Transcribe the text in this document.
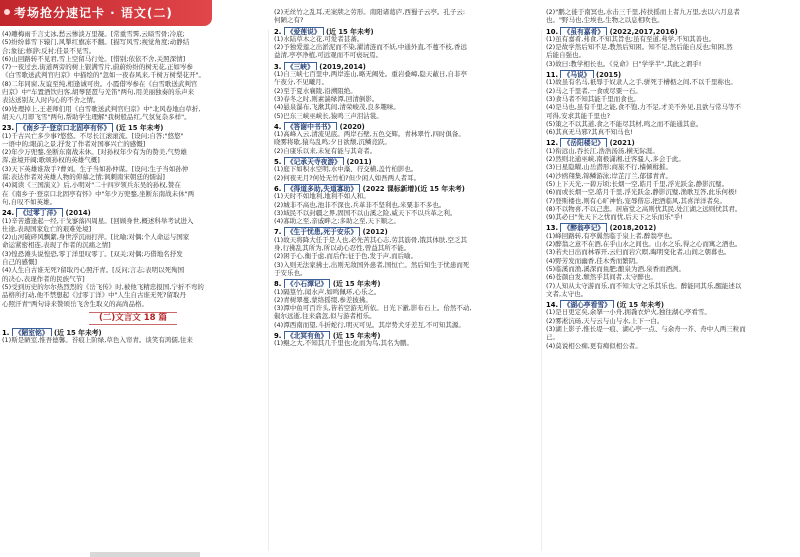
考场抢分速记卡 · 语文(二)
(4)雕梅雨千言丈冰,愁云惨淡万里凝。[常重雪霁,云暗雪骨;冷底;
(5)纷纷暮雪下辕门,风掣红旗冻不翻。[描写风雪;视觉角度;动静结
合;象征;修辞;反衬;佳景不见雪。
(6)山回路转不见君,雪上空留马行处。[惜别;依依不舍,关照深情]
(7)一夜过去,街道两旁的树上银满雪片,蔚蔚纷纷的树无花,正如岑参
《白雪歌送武判官归京》中描绘的"忽如一夜春风来,千树万树梨花开"。
(8)二年同窗,友谊至纯,相逢诚可贵。小霞借岑参在《白雪歌送武判官
归京》中"车置酒饮归客,胡琴琵琶与羌笛"两句,用美丽独奏的乐声来
表达送别友人时内心的不舍之情。
(9)处理掉上,王老师们用《白雪歌送武判官归京》中"北风卷地白草折,
胡天八月即飞雪"两句,帮助学生理解"我树般品红,气氛复杂多样"。
23. 《南乡子·登京口北固亭有怀》 (近 15 年未考)
(1)千古兴亡多少事?悠悠。不尽长江滚滚流。[设问;自答;"悠悠"
一语中的;眼前之景,抒发了作者对国事兴亡的感慨]
(2)年少万兜鍪,坐断东南战未休。[对孙权年少有为的赞美,气势雄
浑,意境开阔;歌颂孙权的英雄气概]
(3)天下英雄谁敌手?曹刘。生子当如孙仲谋。[设问;生子当如孙仲
谋;表达作者对英雄人物的仰慕之情;讽刺南宋朝廷的懦弱]
(4)阅读《三国演义》后,小明对"二十四岁领兵东吴的孙权,赞在
在《南乡子·登京口北固亭有怀》中"年少万兜鍪,坐断东南战未休"两
句,自叹不如英雄。
24. 《过零丁洋》 (2014)
(1)辛苦遭逢起一经,干戈寥落四周星。[回顾身世,概述科举考试进入
仕途,表现国家危亡的艰难处境]
(2)山河破碎风飘絮,身世浮沉雨打萍。[比喻;对偶;个人命运与国家
命运紧密相连,表现了作者的沉痛之情]
(3)惶恐滩头说惶恐,零丁洋里叹零丁。[双关;对偶;巧借地名抒发
自己的感慨]
(4)人生自古谁无死?留取丹心照汗青。[反问;言志;表明以死殉国
的决心,表现作者的民族气节]
(5)受到历史的尔尔热烈烈的《岳飞传》时,被他飞精忠报国,宁折不弯的
品格所打动,他不禁想起《过零丁洋》中"人生自古谁无死?留取丹
心照汗青"两句诗来赞颂岳飞舍生取义的高尚品格。
(二)文言文 18 篇
1. 《陋室铭》 (近 15 年未考)
(1)斯是陋室,惟吾德馨。苔痕上阶绿,草色入帘青。谈笑有鸿儒,往来
(2)无丝竹之乱耳,无案牍之劳形。南阳诸葛庐,西蜀子云亭。孔子云:
何陋之有?
2. 《爱莲说》 (近 15 年未考)
(1)水陆草木之花,可爱者甚蕃。
(2)予独爱莲之出淤泥而不染,濯清涟而不妖,中通外直,不蔓不枝,香远
益清,亭亭净植,可远观而不可亵玩焉。
3. 《三峡》 (2019,2014)
(1)自三峡七百里中,两岸连山,略无阙处。重岩叠嶂,隐天蔽日,自非亭
午夜分,不见曦月。
(2)至于夏水襄陵,沿溯阻绝。
(3)春冬之时,则素湍绿潭,回清倒影。
(4)悬泉瀑布,飞漱其间,清荣峻茂,良多趣味。
(5)巴东三峡巫峡长,猿鸣三声泪沾裳。
4. 《答谢中书书》 (2020)
(1)高峰入云,清流见底。两岸石壁,五色交辉。青林翠竹,四时俱备。
晓雾将歇,猿鸟乱鸣;夕日欲颓,沉鳞竞跃。
(2)自康乐以来,未复有能与其奇者。
5. 《记承天寺夜游》 (2011)
(1)庭下如积水空明,水中藻、荇交横,盖竹柏影也。
(2)何夜无月?何处无竹柏?但少闲人如吾两人者耳。
6. 《得道多助,失道寡助》 (2022 课标新增)(近 15 年未考)
(1)天时不如地利,地利不如人和。
(2)城非不高也,池非不深也,兵革非不坚利也,米粟非不多也。
(3)域民不以封疆之界,固国不以山溪之险,威天下不以兵革之利。
(4)寡助之至,亲戚畔之;多助之至,天下顺之。
7. 《生于忧患,死于安乐》 (2012)
(1)故天将降大任于是人也,必先苦其心志,劳其筋骨,饿其体肤,空乏其
身,行拂乱其所为,所以动心忍性,曾益其所不能。
(2)困于心,衡于虑,而后作;征于色,发于声,而后喻。
(3)入则无法家拂士,出则无敌国外患者,国恒亡。然后知生于忧患而死
于安乐也。
8. 《小石潭记》 (近 15 年未考)
(1)隔篁竹,闻水声,如鸣佩环,心乐之。
(2)青树翠蔓,蒙络摇缀,参差披拂。
(3)潭中鱼可百许头,皆若空游无所依。日光下澈,影布石上。佁然不动,
俶尔远逝,往来翕忽,似与游者相乐。
(4)潭西南而望,斗折蛇行,明灭可见。其岸势犬牙差互,不可知其源。
9. 《北冥有鱼》 (近 15 年未考)
(1)鲲之大,不知其几千里也;化而为鸟,其名为鹏。
(2)"鹏之徙于南冥也,水击三千里,抟扶摇而上者九万里,去以六月息者
也。"野马也,尘埃也,生物之以息相吹也。
10. 《虽有嘉肴》 (2022,2017,2016)
(1)虽有嘉肴,弗食,不知其旨也;虽有至道,弗学,不知其善也。
(2)是故学然后知不足,教然后知困。知不足,然后能自反也;知困,然
后能自强也。
(3)故曰:教学相长也。《兑命》曰"学学半",其此之谓乎!
11. 《马说》 (2015)
(1)故虽有名马,祇辱于奴隶人之手,骈死于槽枥之间,不以千里称也。
(2)马之千里者,一食或尽粟一石。
(3)食马者不知其能千里而食也。
(4)是马也,虽有千里之能,食不饱,力不足,才美不外见,且欲与常马等不
可得,安求其能千里也?
(5)策之不以其道,食之不能尽其材,鸣之而不能通其意。
(6)其真无马邪?其真不知马也!
12. 《岳阳楼记》 (2021)
(1)衔远山,吞长江,浩浩汤汤,横无际涯。
(2)然则北通巫峡,南极潇湘,迁客骚人,多会于此。
(3)日星隐曜,山岳潜形;商旅不行,樯倾楫摧。
(4)沙鸥翔集,锦鳞游泳;岸芷汀兰,郁郁青青。
(5)上下天光,一碧万顷;长烟一空,皓月千里,浮光跃金,静影沉璧。
(6)而或长烟一空,皓月千里,浮光跃金,静影沉璧,渔歌互答,此乐何极!
(7)登斯楼也,则有心旷神怡,宠辱偕忘,把酒临风,其喜洋洋者矣。
(8)不以物喜,不以己悲。居庙堂之高则忧其民,处江湖之远则忧其君。
(9)其必曰"先天下之忧而忧,后天下之乐而乐"乎!
13. 《醉翁亭记》 (2018,2012)
(1)峰回路转,有亭翼然临于泉上者,醉翁亭也。
(2)醉翁之意不在酒,在乎山水之间也。山水之乐,得之心而寓之酒也。
(3)若夫日出而林霏开,云归而岩穴暝,晦明变化者,山间之朝暮也。
(4)野芳发而幽香,佳木秀而繁阴。
(5)临溪而渔,溪深而鱼肥;酿泉为酒,泉香而酒洌。
(6)苍颜白发,颓然乎其间者,太守醉也。
(7)人知从太守游而乐,而不知太守之乐其乐也。醉能同其乐,醒能述以
文者,太守也。
14. 《湖心亭看雪》 (近 15 年未考)
(1)是日更定矣,余拏一小舟,拥毳衣炉火,独往湖心亭看雪。
(2)雾凇沆砀,天与云与山与水,上下一白。
(3)湖上影子,惟长堤一痕、湖心亭一点、与余舟一芥、舟中人两三粒而
已。
(4)莫说相公痴,更有痴似相公者。
